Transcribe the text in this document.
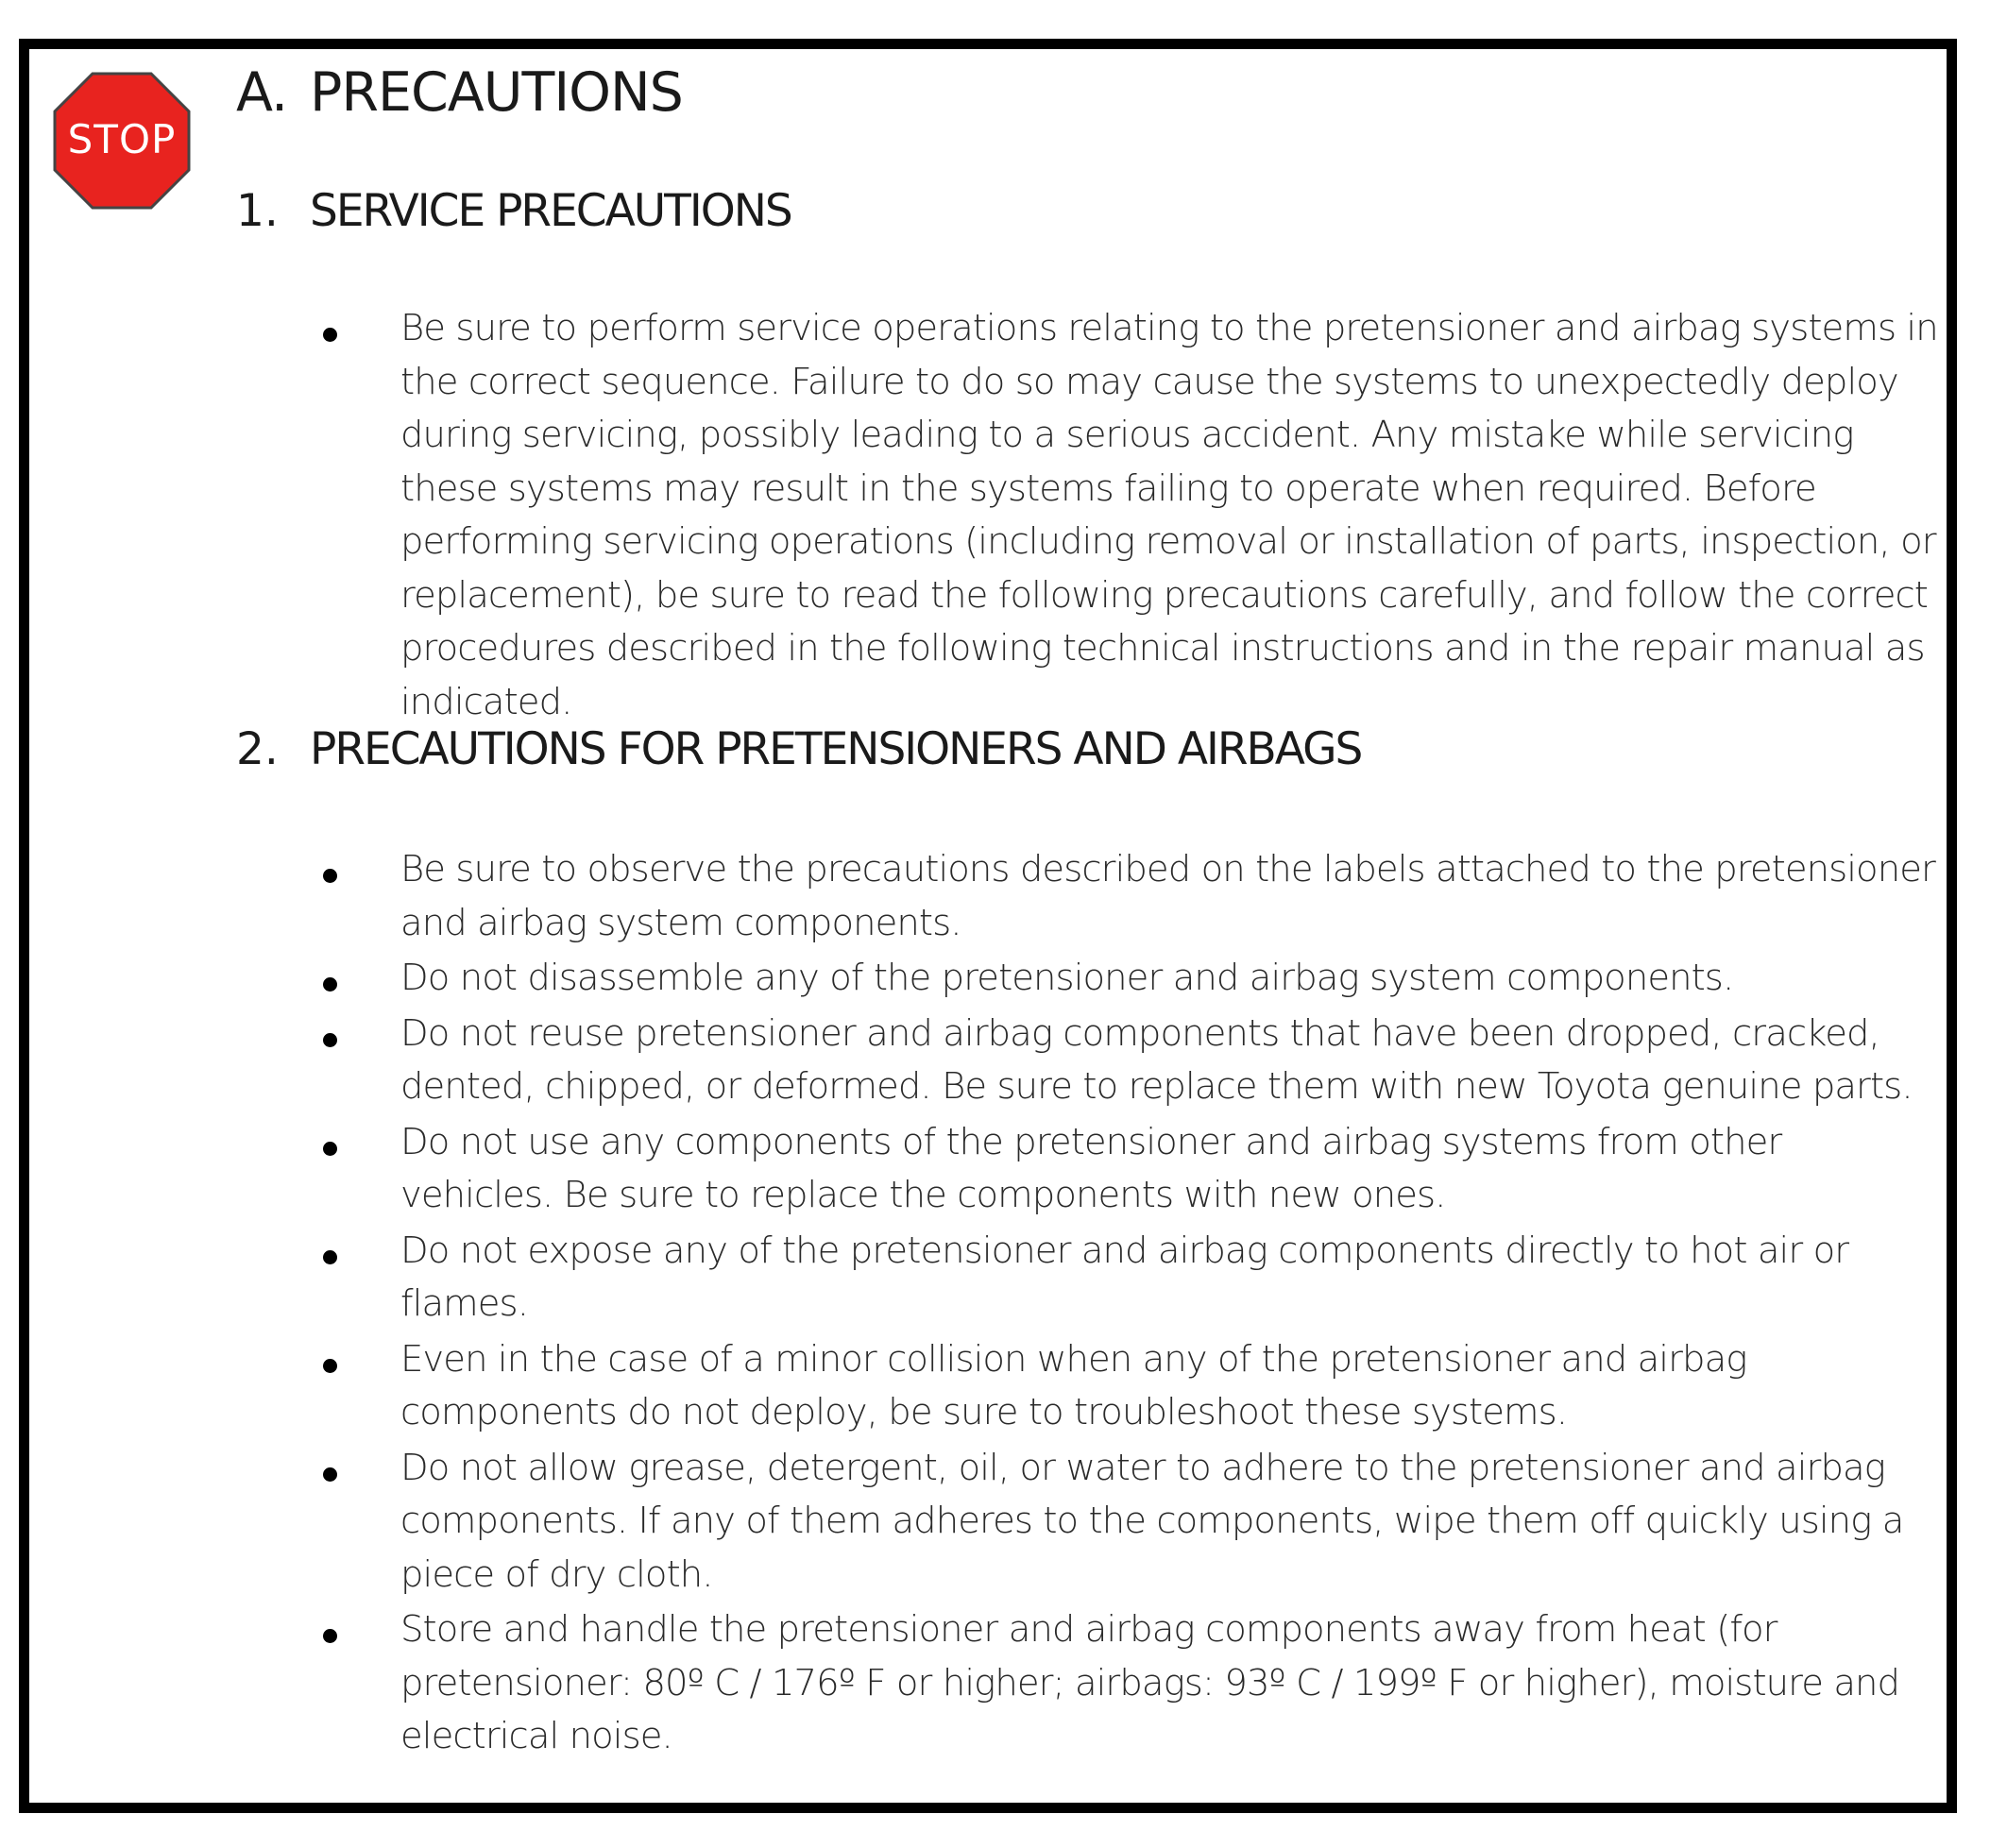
STOP
A. PRECAUTIONS
1. SERVICE PRECAUTIONS
Be sure to perform service operations relating to the pretensioner and airbag systems in the correct sequence. Failure to do so may cause the systems to unexpectedly deploy during servicing, possibly leading to a serious accident. Any mistake while servicing these systems may result in the systems failing to operate when required. Before performing servicing operations (including removal or installation of parts, inspection, or replacement), be sure to read the following precautions carefully, and follow the correct procedures described in the following technical instructions and in the repair manual as indicated.
2. PRECAUTIONS FOR PRETENSIONERS AND AIRBAGS
Be sure to observe the precautions described on the labels attached to the pretensioner and airbag system components.
Do not disassemble any of the pretensioner and airbag system components.
Do not reuse pretensioner and airbag components that have been dropped, cracked, dented, chipped, or deformed. Be sure to replace them with new Toyota genuine parts.
Do not use any components of the pretensioner and airbag systems from other vehicles. Be sure to replace the components with new ones.
Do not expose any of the pretensioner and airbag components directly to hot air or flames.
Even in the case of a minor collision when any of the pretensioner and airbag components do not deploy, be sure to troubleshoot these systems.
Do not allow grease, detergent, oil, or water to adhere to the pretensioner and airbag components. If any of them adheres to the components, wipe them off quickly using a piece of dry cloth.
Store and handle the pretensioner and airbag components away from heat (for pretensioner: 80º C / 176º F or higher; airbags: 93º C / 199º F or higher), moisture and electrical noise.
